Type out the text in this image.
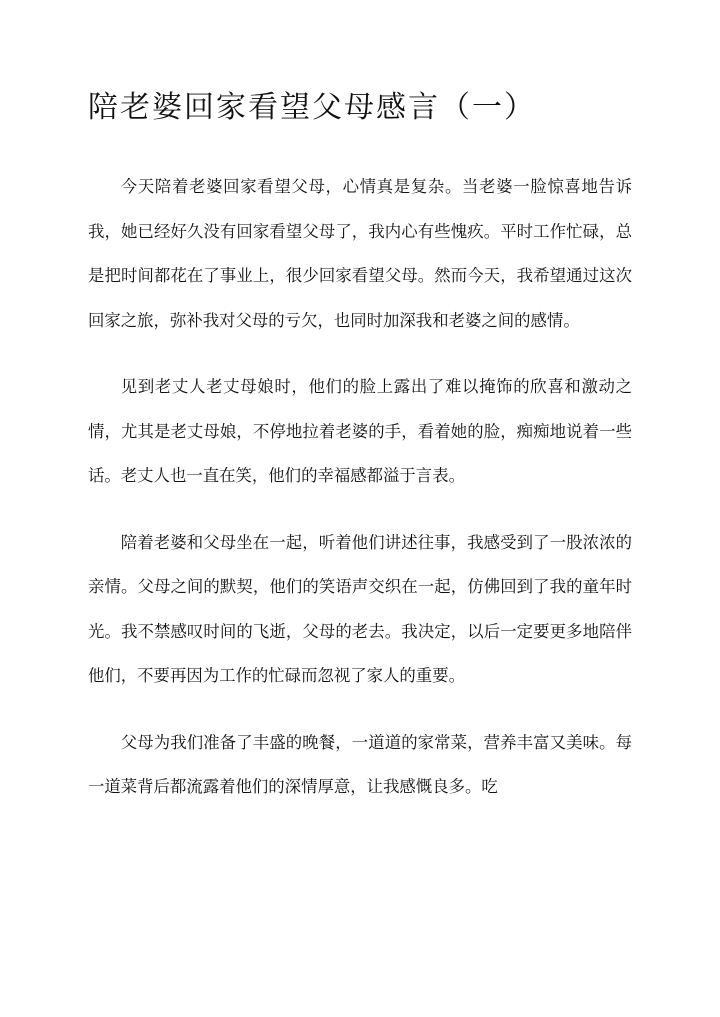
陪老婆回家看望父母感言（一）

今天陪着老婆回家看望父母，心情真是复杂。当老婆一脸惊喜地告诉我，她已经好久没有回家看望父母了，我内心有些愧疚。平时工作忙碌，总是把时间都花在了事业上，很少回家看望父母。然而今天，我希望通过这次回家之旅，弥补我对父母的亏欠，也同时加深我和老婆之间的感情。

见到老丈人老丈母娘时，他们的脸上露出了难以掩饰的欣喜和激动之情，尤其是老丈母娘，不停地拉着老婆的手，看着她的脸，痴痴地说着一些话。老丈人也一直在笑，他们的幸福感都溢于言表。

陪着老婆和父母坐在一起，听着他们讲述往事，我感受到了一股浓浓的亲情。父母之间的默契，他们的笑语声交织在一起，仿佛回到了我的童年时光。我不禁感叹时间的飞逝，父母的老去。我决定，以后一定要更多地陪伴他们，不要再因为工作的忙碌而忽视了家人的重要。

父母为我们准备了丰盛的晚餐，一道道的家常菜，营养丰富又美味。每一道菜背后都流露着他们的深情厚意，让我感慨良多。吃
